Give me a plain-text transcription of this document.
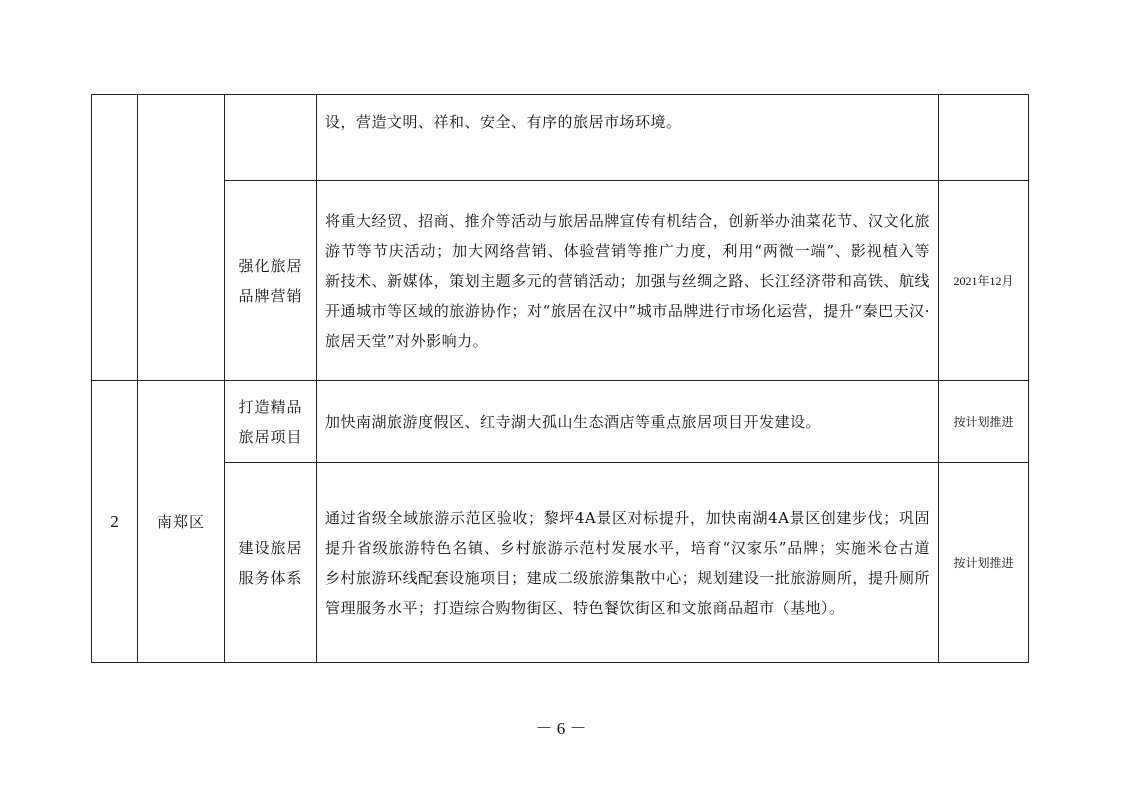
			设，营造文明、祥和、安全、有序的旅居市场环境。	

		强化旅居品牌营销	将重大经贸、招商、推介等活动与旅居品牌宣传有机结合，创新举办油菜花节、汉文化旅游节等节庆活动；加大网络营销、体验营销等推广力度，利用“两微一端”、影视植入等新技术、新媒体，策划主题多元的营销活动；加强与丝绸之路、长江经济带和高铁、航线开通城市等区域的旅游协作；对“旅居在汉中”城市品牌进行市场化运营，提升“秦巴天汉·旅居天堂”对外影响力。	2021年12月

2	南郑区	打造精品旅居项目	加快南湖旅游度假区、红寺湖大孤山生态酒店等重点旅居项目开发建设。	按计划推进

		建设旅居服务体系	通过省级全域旅游示范区验收；黎坪4A景区对标提升，加快南湖4A景区创建步伐；巩固提升省级旅游特色名镇、乡村旅游示范村发展水平，培育“汉家乐”品牌；实施米仓古道乡村旅游环线配套设施项目；建成二级旅游集散中心；规划建设一批旅游厕所，提升厕所管理服务水平；打造综合购物街区、特色餐饮街区和文旅商品超市（基地）。	按计划推进
－ 6 －
